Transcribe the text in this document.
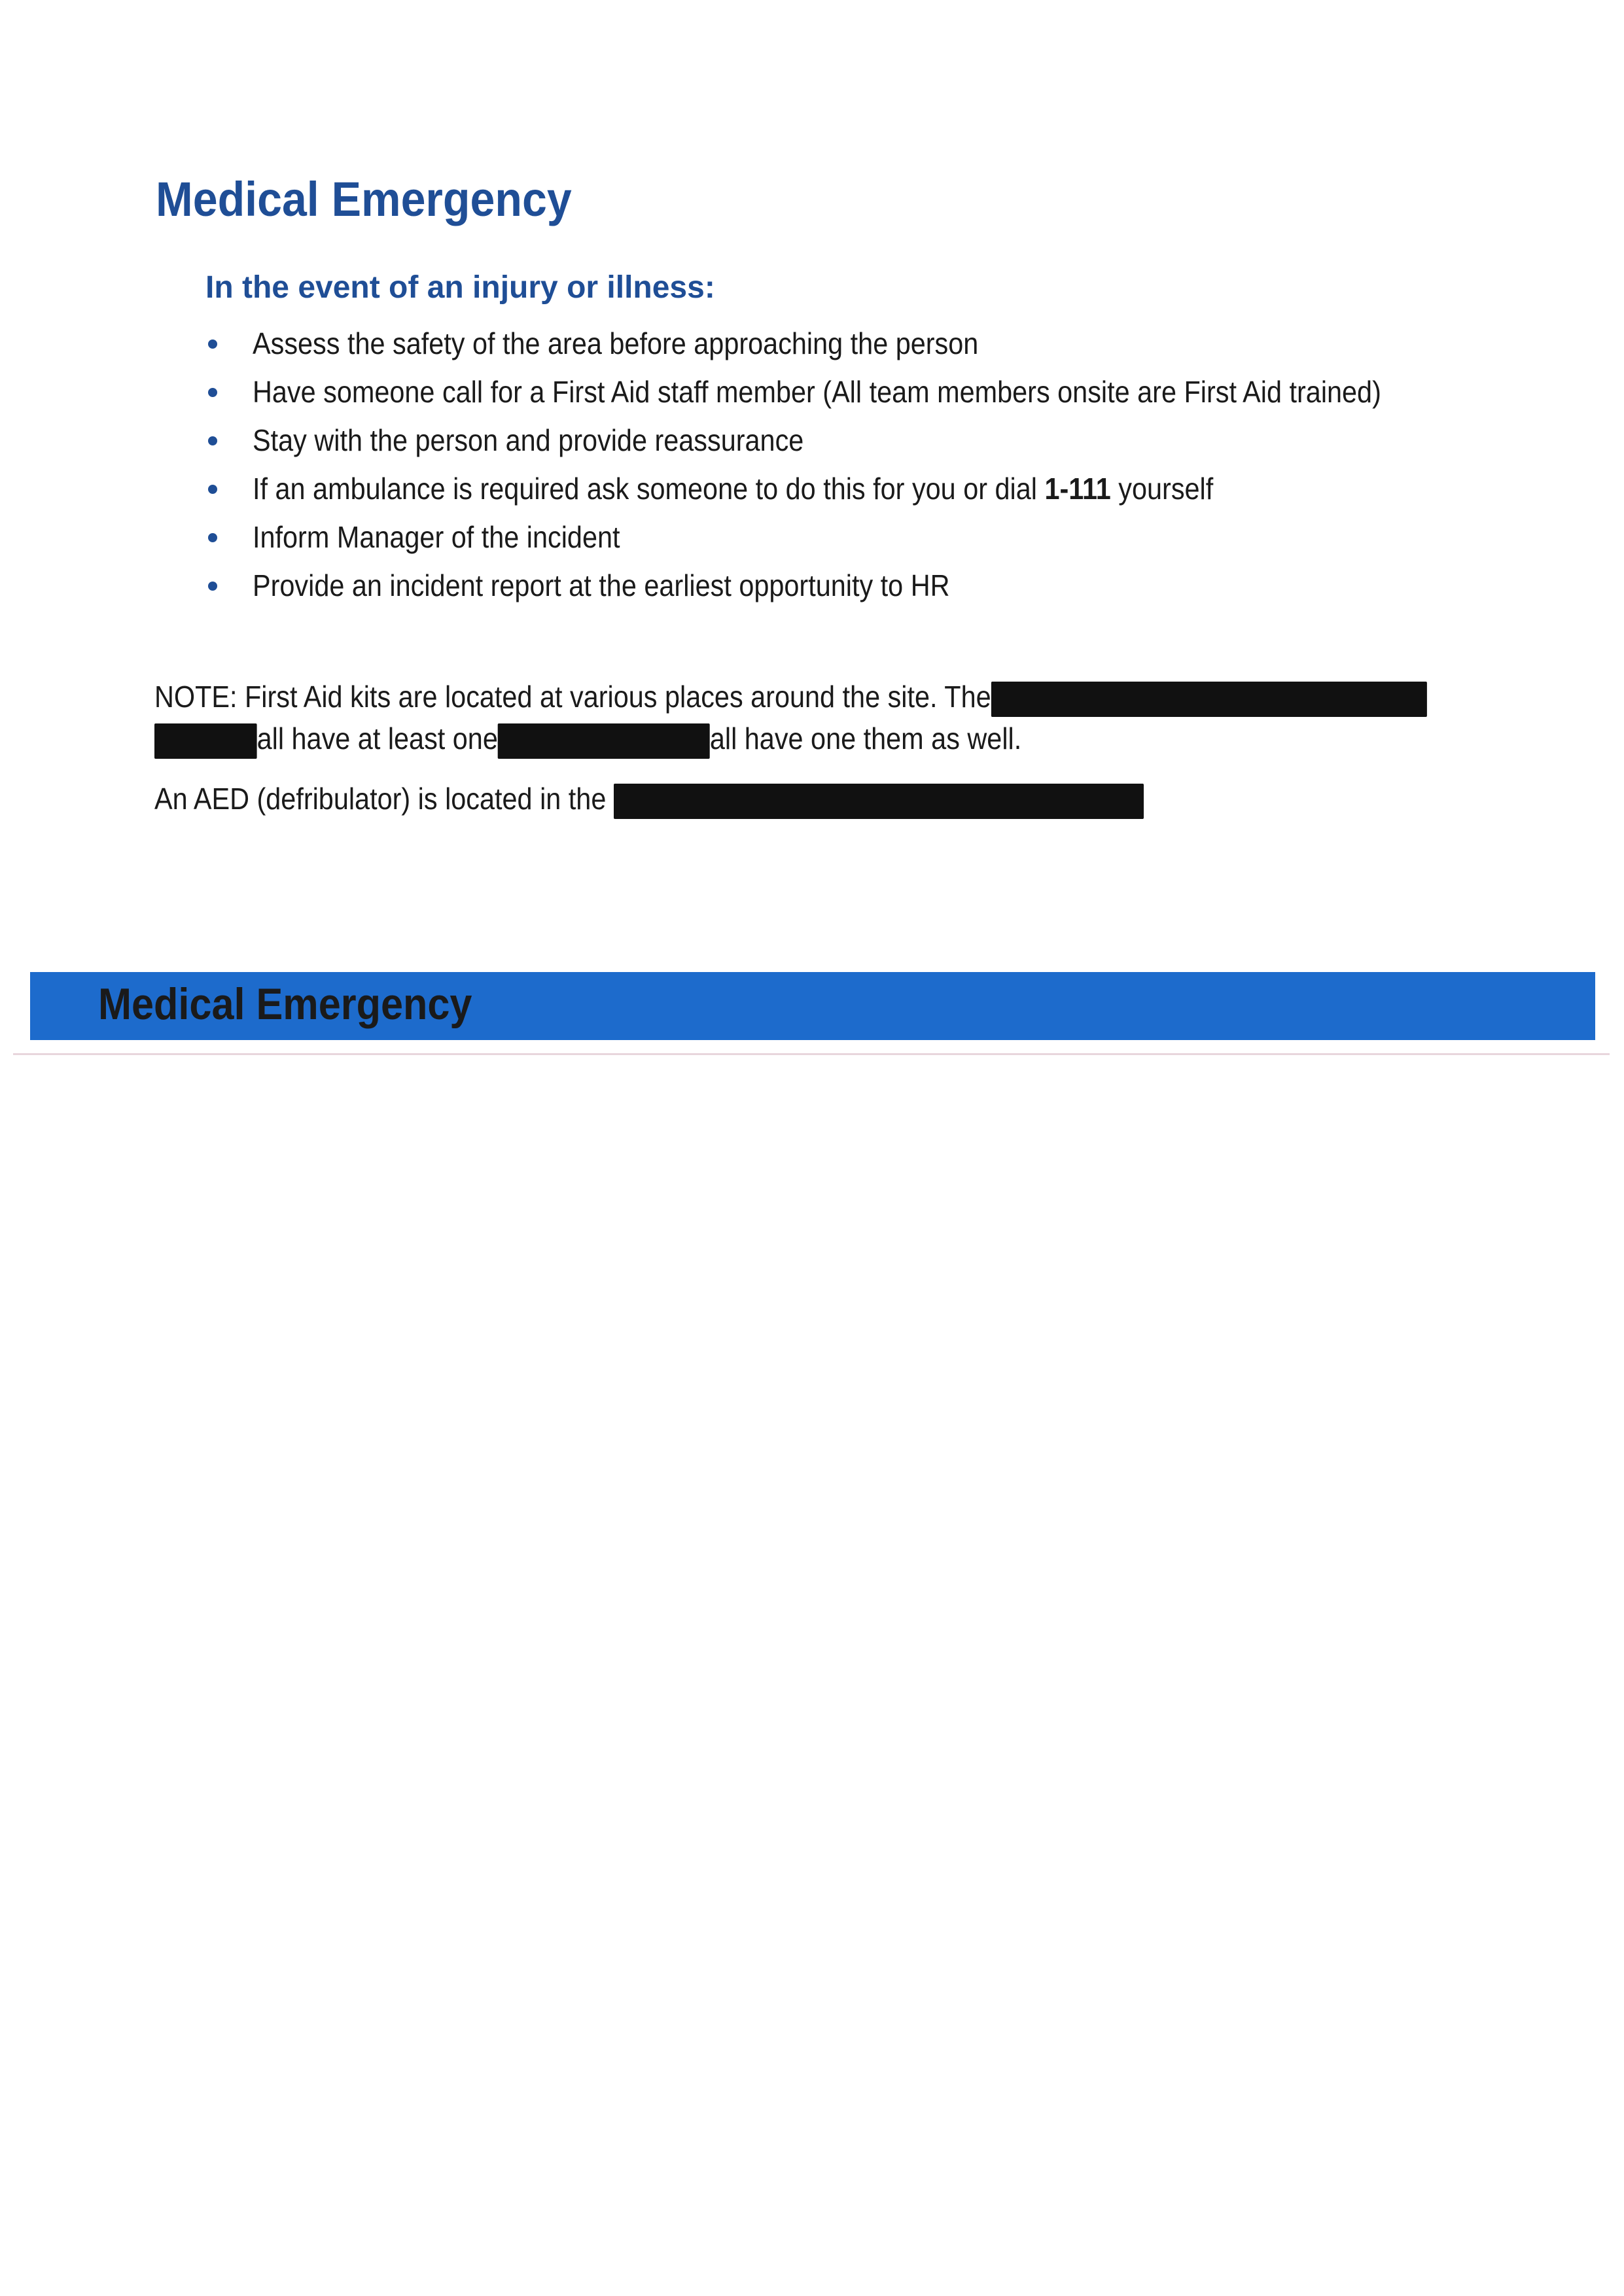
Medical Emergency
In the event of an injury or illness:
Assess the safety of the area before approaching the person
Have someone call for a First Aid staff member (All team members onsite are First Aid trained)
Stay with the person and provide reassurance
If an ambulance is required ask someone to do this for you or dial 1-111 yourself
Inform Manager of the incident
Provide an incident report at the earliest opportunity to HR
NOTE: First Aid kits are located at various places around the site. The
all have at least one	all have one them as well.
An AED (defribulator) is located in the
Medical Emergency
